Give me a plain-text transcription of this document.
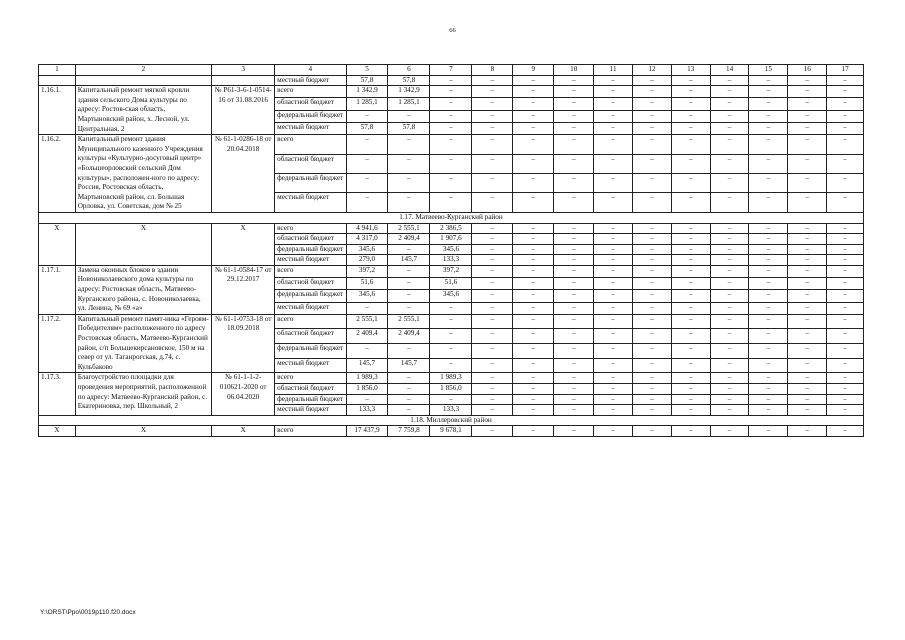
66
1	2	3	4	5	6	7	8	9	10	11	12	13	14	15	16	17
			местный бюджет	57,8	57,8	–	–	–	–	–	–	–	–	–	–	–
1.16.1.	Капитальный ремонт мягкой кровли здания сельского Дома культуры по адресу: Ростов-ская область, Мартыновский район, х. Лесной, ул. Центральная, 2	№ Р61-3-6-1-0514-16 от 31.08.2016	всего	1 342,9	1 342,9	–	–	–	–	–	–	–	–	–	–	–
			областной бюджет	1 285,1	1 285,1	–	–	–	–	–	–	–	–	–	–	–
			федеральный бюджет	–	–	–	–	–	–	–	–	–	–	–	–	–
			местный бюджет	57,8	57,8	–	–	–	–	–	–	–	–	–	–	–
1.16.2.	Капитальный ремонт здания Муниципального казенного Учреждения культуры «Культурно-досуговый центр» «Большеорловский сельский Дом культуры», расположен-ного по адресу: Россия, Ростовская область, Мартыновский район, сл. Большая Орловка, ул. Советская, дом № 25	№ 61-1-0286-18 от 20.04.2018	всего	–	–	–	–	–	–	–	–	–	–	–	–	–
			областной бюджет	–	–	–	–	–	–	–	–	–	–	–	–	–
			федеральный бюджет	–	–	–	–	–	–	–	–	–	–	–	–	–
			местный бюджет	–	–	–	–	–	–	–	–	–	–	–	–	–
1.17. Матвеево-Курганский район																
Х	Х	Х	всего	4 941,6	2 555,1	2 386,5	–	–	–	–	–	–	–	–	–	–
			областной бюджет	4 317,0	2 409,4	1 907,6	–	–	–	–	–	–	–	–	–	–
			федеральный бюджет	345,6	–	345,6	–	–	–	–	–	–	–	–	–	–
			местный бюджет	279,0	145,7	133,3	–	–	–	–	–	–	–	–	–	–
1.17.1.	Замена оконных блоков в здании Новониколаевского дома культуры по адресу: Ростовская область, Матвеево-Курганского района, с. Новониколаевка, ул. Ленина, № 69 «а»	№ 61-1-0584-17 от 29.12.2017	всего	397,2	–	397,2	–	–	–	–	–	–	–	–	–	–
			областной бюджет	51,6	–	51,6	–	–	–	–	–	–	–	–	–	–
			федеральный бюджет	345,6	–	345,6	–	–	–	–	–	–	–	–	–	–
			местный бюджет	–	–	–	–	–	–	–	–	–	–	–	–	–
1.17.2.	Капитальный ремонт памят-ника «Героям-Победителям» расположенного по адресу Ростовская область, Матвеево-Курганский район, с/п Большекирсановское, 150 м на север от ул. Таганрогская, д.74, с. Кульбаково	№ 61-1-0753-18 от 18.09.2018	всего	2 555,1	2 555,1	–	–	–	–	–	–	–	–	–	–	–
			областной бюджет	2 409,4	2 409,4	–	–	–	–	–	–	–	–	–	–	–
			федеральный бюджет	–	–	–	–	–	–	–	–	–	–	–	–	–
			местный бюджет	145,7	145,7	–	–	–	–	–	–	–	–	–	–	–
1.17.3.	Благоустройство площадки для проведения мероприятий, расположенной по адресу: Матвеево-Курганский район, с. Екатериновка, пер. Школьный, 2	№ 61-1-1-2-010621-2020 от 06.04.2020	всего	1 989,3	–	1 989,3	–	–	–	–	–	–	–	–	–	–
			областной бюджет	1 856,0	–	1 856,0	–	–	–	–	–	–	–	–	–	–
			федеральный бюджет	–	–	–	–	–	–	–	–	–	–	–	–	–
			местный бюджет	133,3	–	133,3	–	–	–	–	–	–	–	–	–	–
1.18. Миллеровский район																
Х	Х	Х	всего	17 437,9	7 759,8	9 678,1	–	–	–	–	–	–	–	–	–	–
Y:\ORST\Ppo\0019p110.f20.docx
